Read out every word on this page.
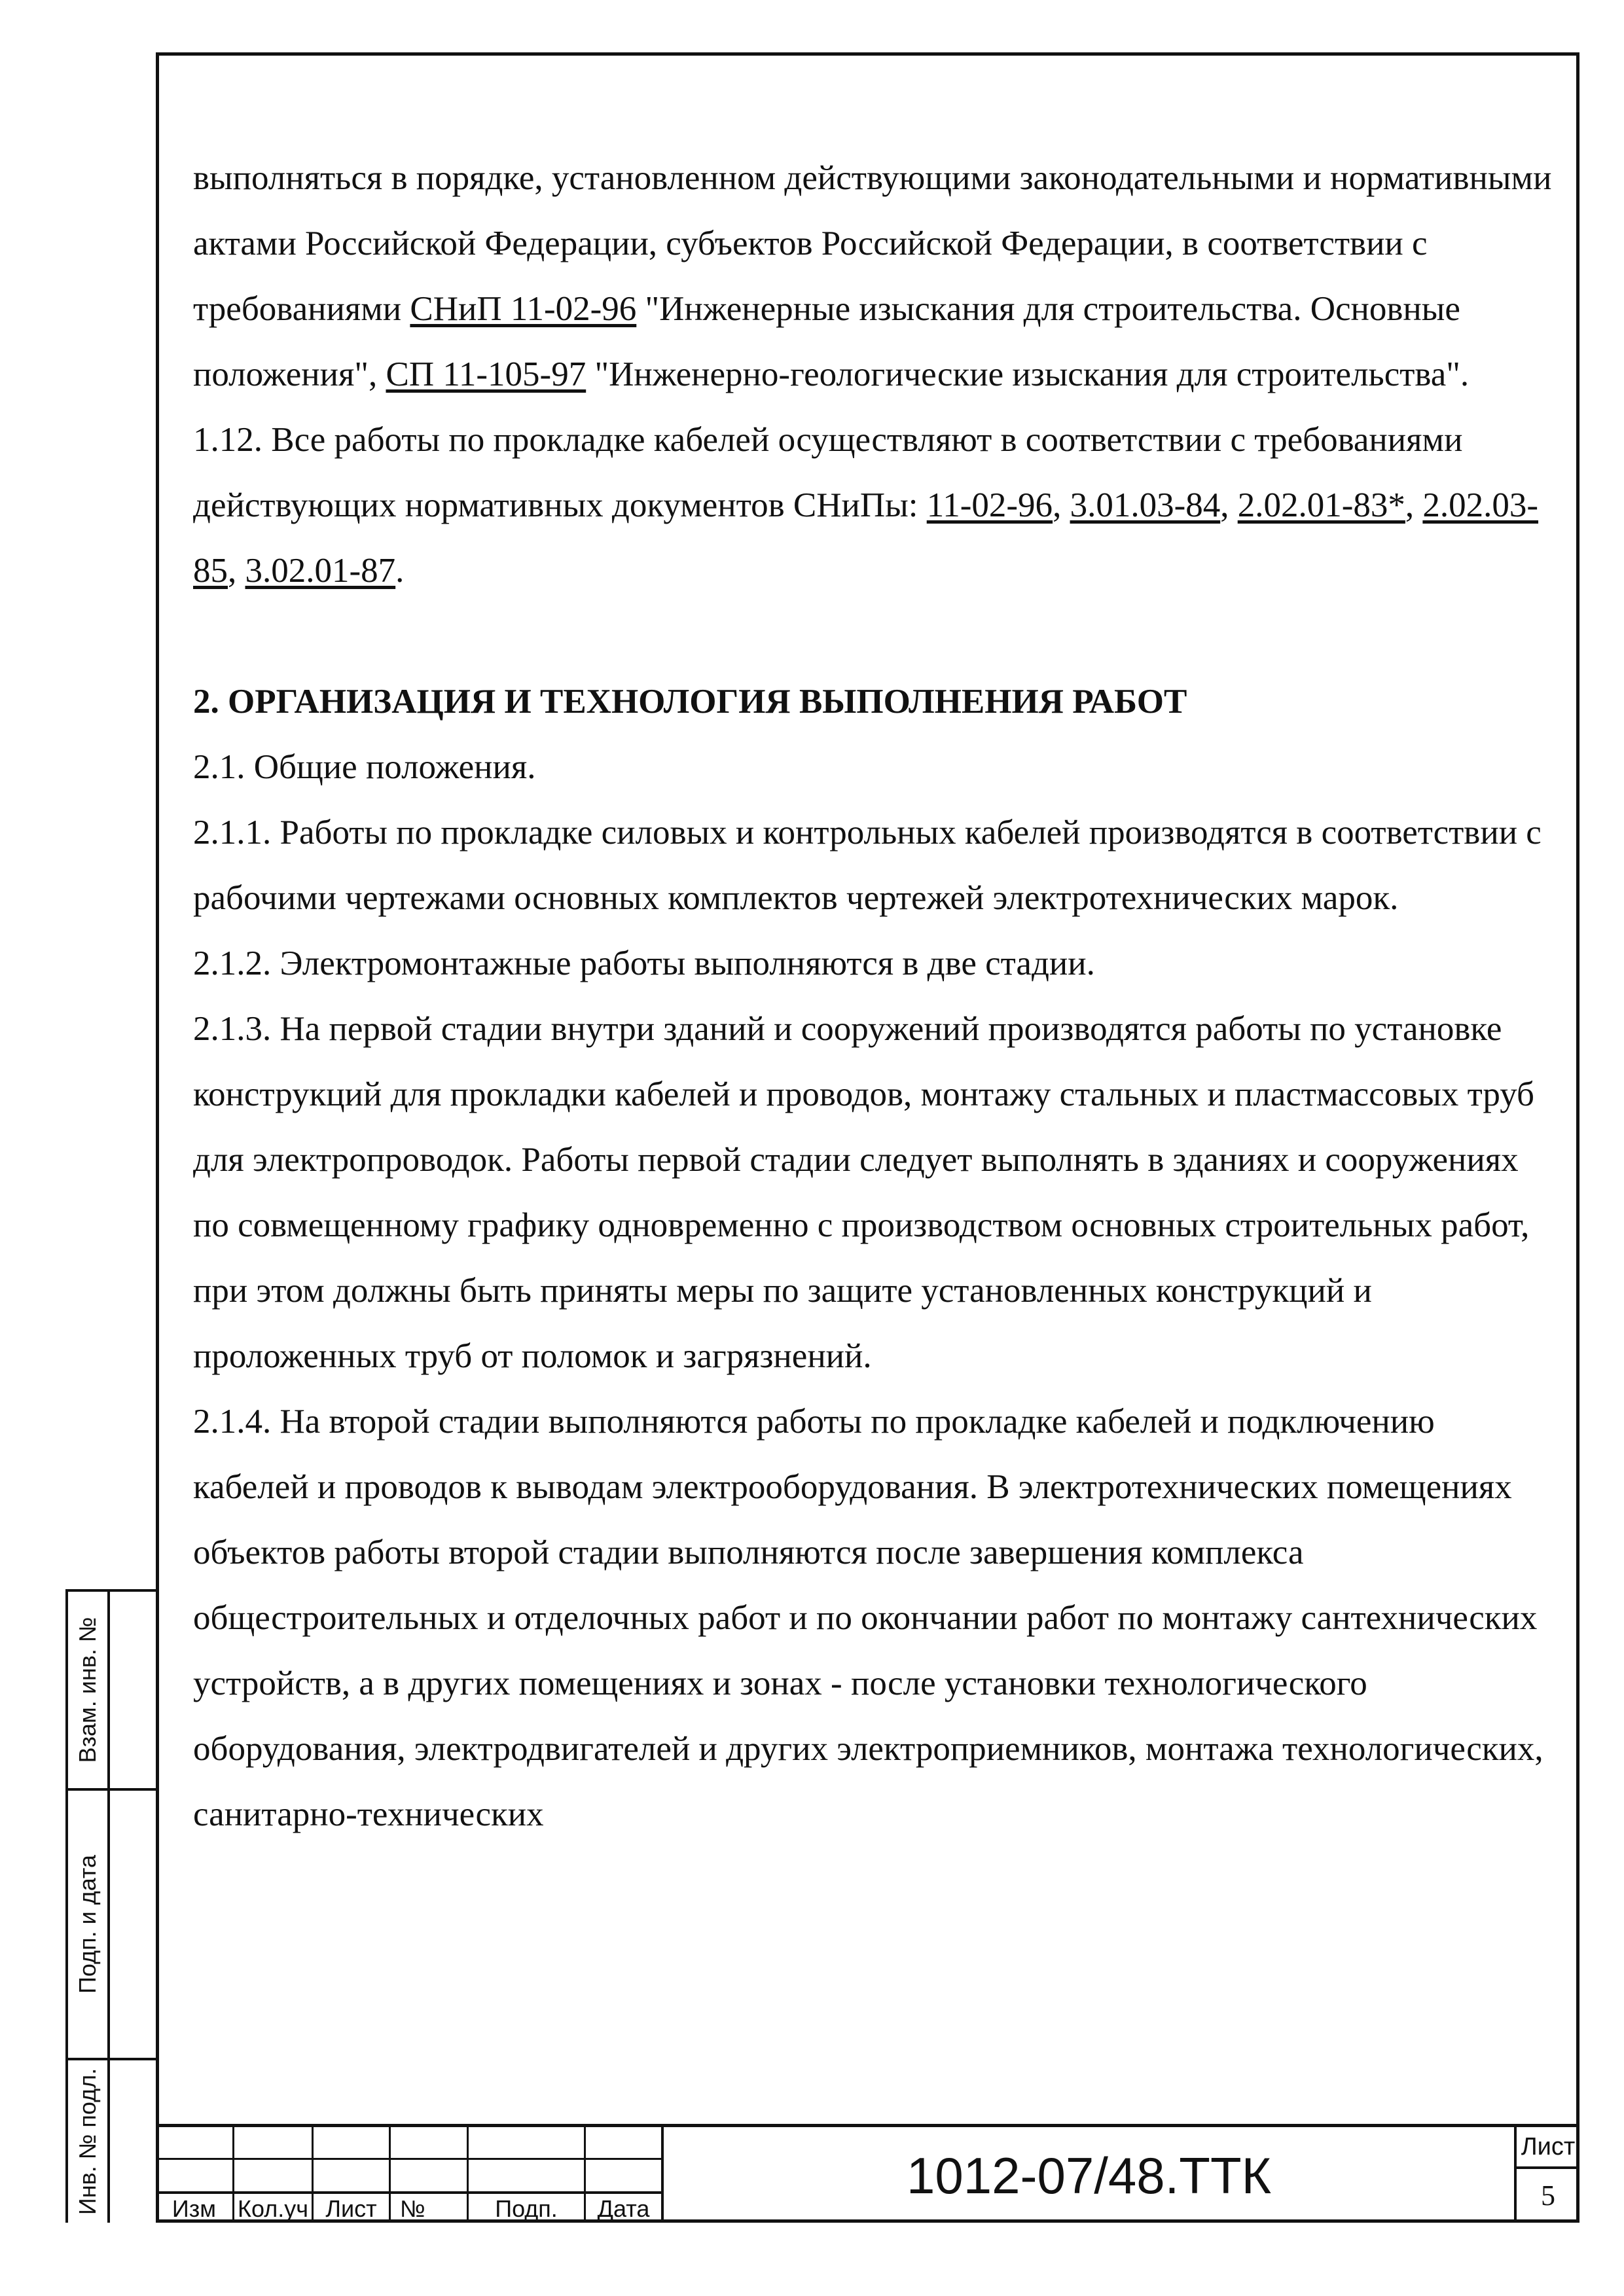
выполняться в порядке, установленном действующими законодательными и нормативными актами Российской Федерации, субъектов Российской Федерации, в соответствии с требованиями СНиП 11-02-96 "Инженерные изыскания для строительства. Основные положения", СП 11-105-97 "Инженерно-геологические изыскания для строительства".

1.12. Все работы по прокладке кабелей осуществляют в соответствии с требованиями действующих нормативных документов СНиПы: 11-02-96, 3.01.03-84, 2.02.01-83*, 2.02.03-85, 3.02.01-87.

2. ОРГАНИЗАЦИЯ И ТЕХНОЛОГИЯ ВЫПОЛНЕНИЯ РАБОТ

2.1. Общие положения.

2.1.1. Работы по прокладке силовых и контрольных кабелей производятся в соответствии с рабочими чертежами основных комплектов чертежей электротехнических марок.

2.1.2. Электромонтажные работы выполняются в две стадии.

2.1.3. На первой стадии внутри зданий и сооружений производятся работы по установке конструкций для прокладки кабелей и проводов, монтажу стальных и пластмассовых труб для электропроводок. Работы первой стадии следует выполнять в зданиях и сооружениях по совмещенному графику одновременно с производством основных строительных работ, при этом должны быть приняты меры по защите установленных конструкций и проложенных труб от поломок и загрязнений.

2.1.4. На второй стадии выполняются работы по прокладке кабелей и подключению кабелей и проводов к выводам электрооборудования. В электротехнических помещениях объектов работы второй стадии выполняются после завершения комплекса общестроительных и отделочных работ и по окончании работ по монтажу сантехнических устройств, а в других помещениях и зонах - после установки технологического оборудования, электродвигателей и других электроприемников, монтажа технологических, санитарно-технических

Взам. инв. №
Подп. и дата
Инв. № подл.	Изм Кол.уч Лист №	Подп.	Дата
1012-07/48.ТТК	Лист
5
